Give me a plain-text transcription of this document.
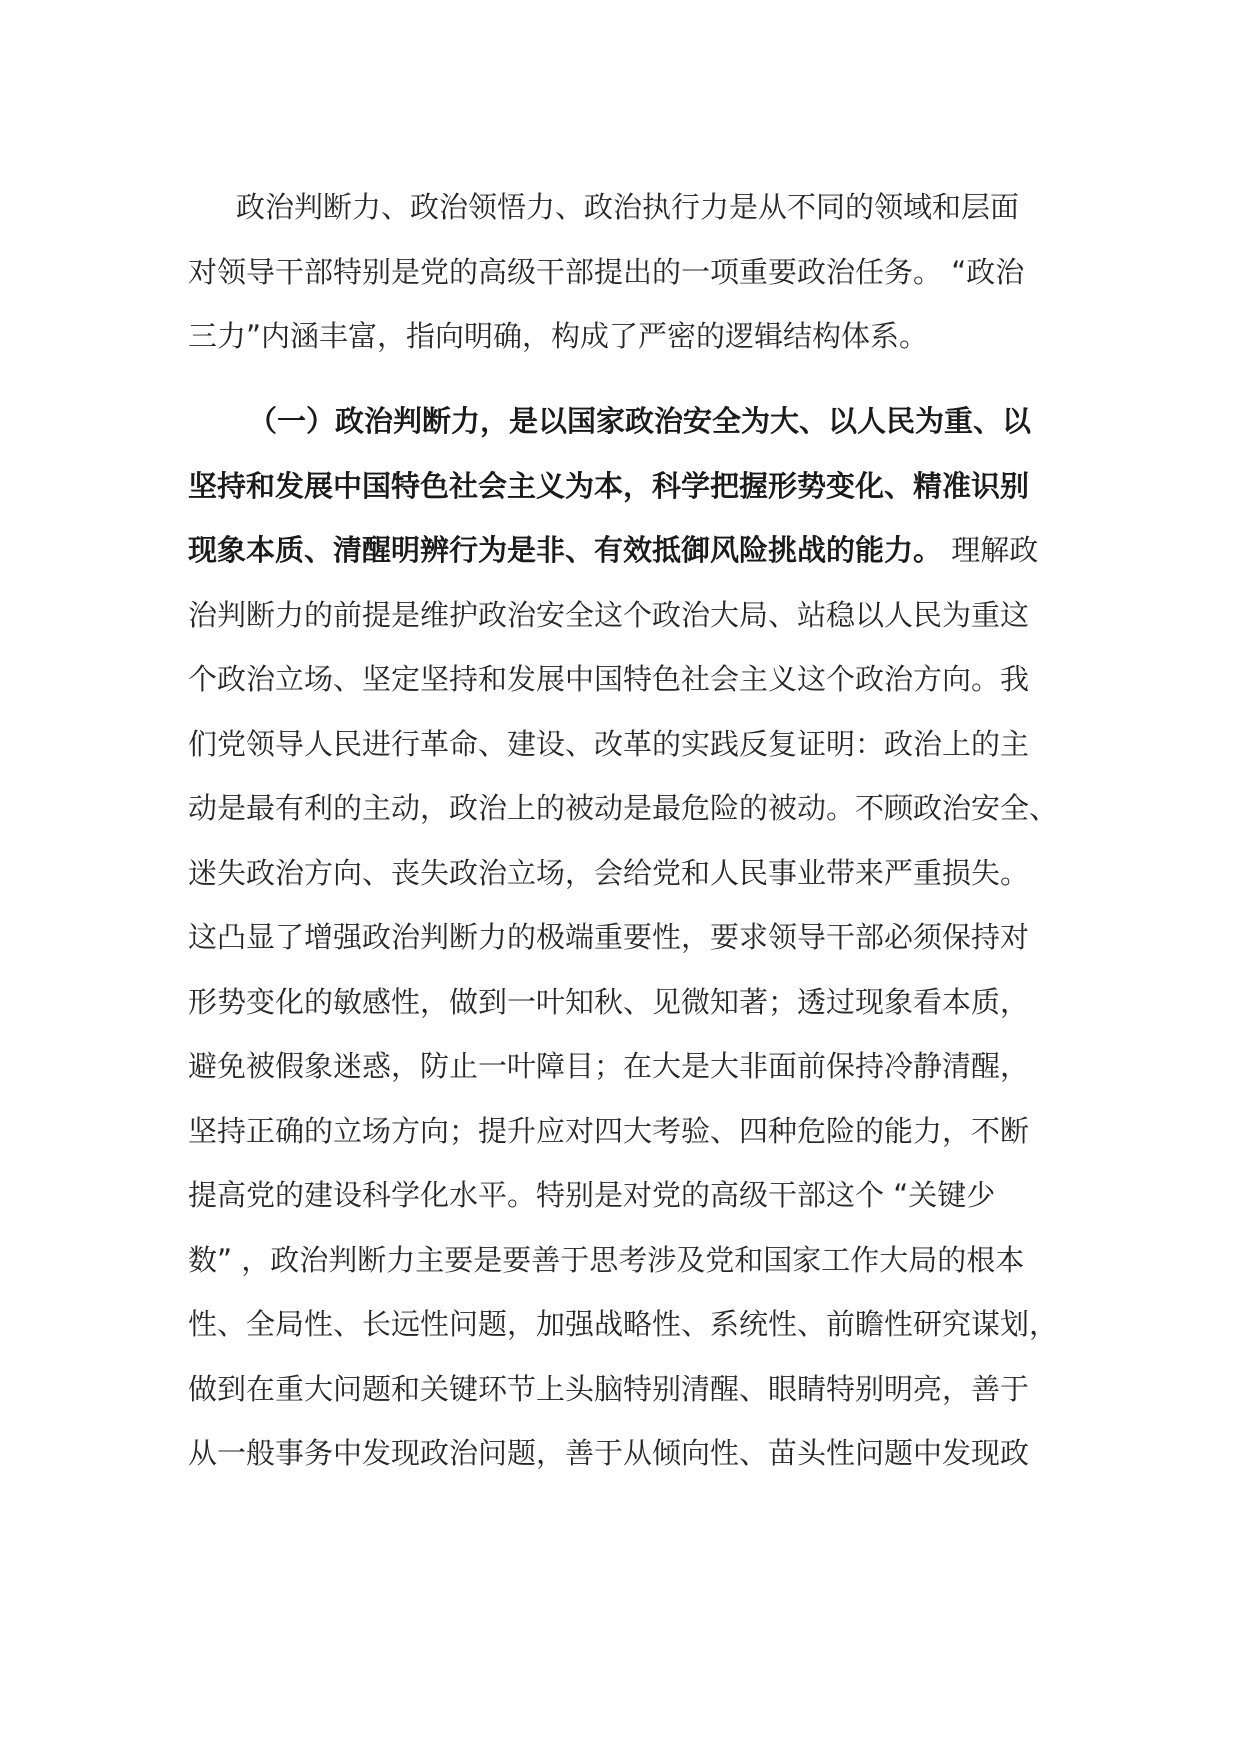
政治判断力、政治领悟力、政治执行力是从不同的领域和层面
对领导干部特别是党的高级干部提出的一项重要政治任务。 “政治
三力”内涵丰富，指向明确，构成了严密的逻辑结构体系。
（一）政治判断力，是以国家政治安全为大、以人民为重、以
坚持和发展中国特色社会主义为本，科学把握形势变化、精准识别
现象本质、清醒明辨行为是非、有效抵御风险挑战的能力。 理解政
治判断力的前提是维护政治安全这个政治大局、站稳以人民为重这
个政治立场、坚定坚持和发展中国特色社会主义这个政治方向。我
们党领导人民进行革命、建设、改革的实践反复证明：政治上的主
动是最有利的主动，政治上的被动是最危险的被动。不顾政治安全、
迷失政治方向、丧失政治立场，会给党和人民事业带来严重损失。
这凸显了增强政治判断力的极端重要性，要求领导干部必须保持对
形势变化的敏感性，做到一叶知秋、见微知著；透过现象看本质，
避免被假象迷惑，防止一叶障目；在大是大非面前保持冷静清醒，
坚持正确的立场方向；提升应对四大考验、四种危险的能力，不断
提高党的建设科学化水平。特别是对党的高级干部这个 “关键少
数” ，政治判断力主要是要善于思考涉及党和国家工作大局的根本
性、全局性、长远性问题，加强战略性、系统性、前瞻性研究谋划，
做到在重大问题和关键环节上头脑特别清醒、眼睛特别明亮，善于
从一般事务中发现政治问题，善于从倾向性、苗头性问题中发现政
